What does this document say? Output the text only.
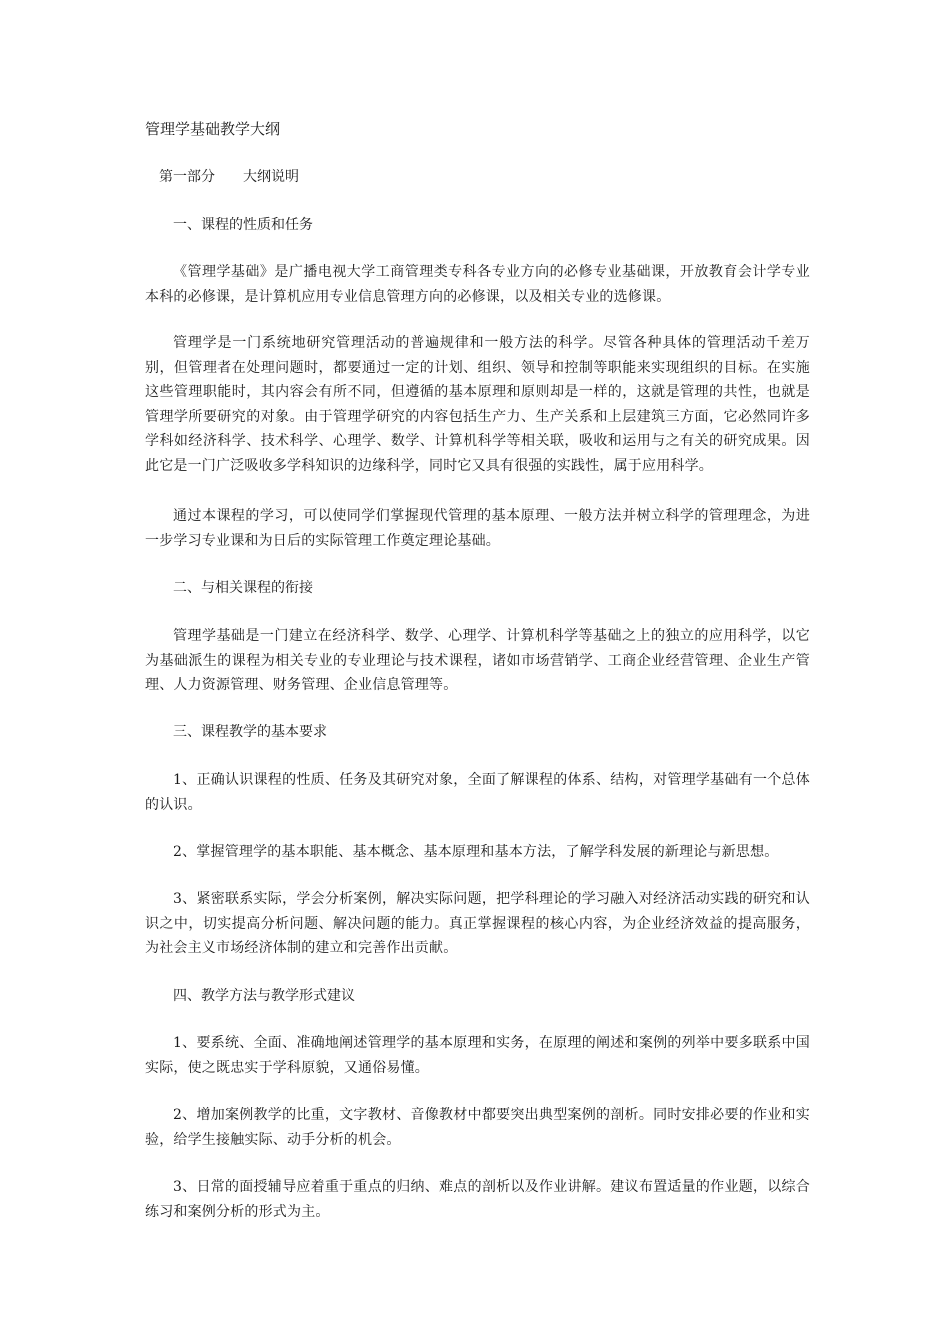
管理学基础教学大纲

第一部分　　大纲说明

一、课程的性质和任务

《管理学基础》是广播电视大学工商管理类专科各专业方向的必修专业基础课，开放教育会计学专业本科的必修课，是计算机应用专业信息管理方向的必修课，以及相关专业的选修课。

管理学是一门系统地研究管理活动的普遍规律和一般方法的科学。尽管各种具体的管理活动千差万别，但管理者在处理问题时，都要通过一定的计划、组织、领导和控制等职能来实现组织的目标。在实施这些管理职能时，其内容会有所不同，但遵循的基本原理和原则却是一样的，这就是管理的共性，也就是管理学所要研究的对象。由于管理学研究的内容包括生产力、生产关系和上层建筑三方面，它必然同许多学科如经济科学、技术科学、心理学、数学、计算机科学等相关联，吸收和运用与之有关的研究成果。因此它是一门广泛吸收多学科知识的边缘科学，同时它又具有很强的实践性，属于应用科学。

通过本课程的学习，可以使同学们掌握现代管理的基本原理、一般方法并树立科学的管理理念，为进一步学习专业课和为日后的实际管理工作奠定理论基础。

二、与相关课程的衔接

管理学基础是一门建立在经济科学、数学、心理学、计算机科学等基础之上的独立的应用科学，以它为基础派生的课程为相关专业的专业理论与技术课程，诸如市场营销学、工商企业经营管理、企业生产管理、人力资源管理、财务管理、企业信息管理等。

三、课程教学的基本要求

1、正确认识课程的性质、任务及其研究对象，全面了解课程的体系、结构，对管理学基础有一个总体的认识。

2、掌握管理学的基本职能、基本概念、基本原理和基本方法，了解学科发展的新理论与新思想。

3、紧密联系实际，学会分析案例，解决实际问题，把学科理论的学习融入对经济活动实践的研究和认识之中，切实提高分析问题、解决问题的能力。真正掌握课程的核心内容，为企业经济效益的提高服务，为社会主义市场经济体制的建立和完善作出贡献。

四、教学方法与教学形式建议

1、要系统、全面、准确地阐述管理学的基本原理和实务，在原理的阐述和案例的列举中要多联系中国实际，使之既忠实于学科原貌，又通俗易懂。

2、增加案例教学的比重，文字教材、音像教材中都要突出典型案例的剖析。同时安排必要的作业和实验，给学生接触实际、动手分析的机会。

3、日常的面授辅导应着重于重点的归纳、难点的剖析以及作业讲解。建议布置适量的作业题，以综合练习和案例分析的形式为主。
